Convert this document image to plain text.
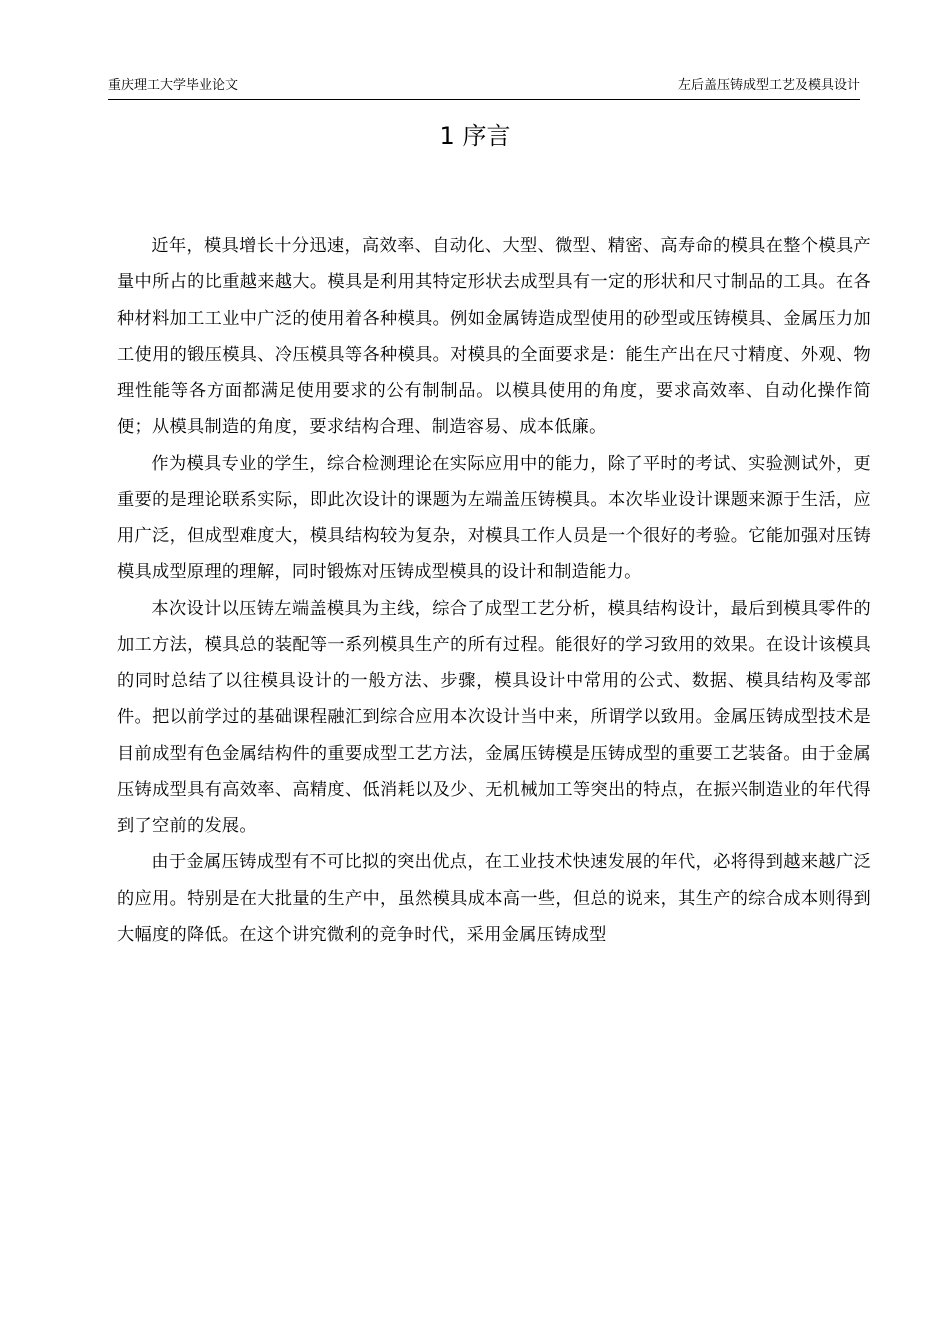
重庆理工大学毕业论文	左后盖压铸成型工艺及模具设计
1 序言

近年，模具增长十分迅速，高效率、自动化、大型、微型、精密、高寿命的模具在整个模具产量中所占的比重越来越大。模具是利用其特定形状去成型具有一定的形状和尺寸制品的工具。在各种材料加工工业中广泛的使用着各种模具。例如金属铸造成型使用的砂型或压铸模具、金属压力加工使用的锻压模具、冷压模具等各种模具。对模具的全面要求是：能生产出在尺寸精度、外观、物理性能等各方面都满足使用要求的公有制制品。以模具使用的角度，要求高效率、自动化操作简便；从模具制造的角度，要求结构合理、制造容易、成本低廉。

作为模具专业的学生，综合检测理论在实际应用中的能力，除了平时的考试、实验测试外，更重要的是理论联系实际，即此次设计的课题为左端盖压铸模具。本次毕业设计课题来源于生活，应用广泛，但成型难度大，模具结构较为复杂，对模具工作人员是一个很好的考验。它能加强对压铸模具成型原理的理解，同时锻炼对压铸成型模具的设计和制造能力。

本次设计以压铸左端盖模具为主线，综合了成型工艺分析，模具结构设计，最后到模具零件的加工方法，模具总的装配等一系列模具生产的所有过程。能很好的学习致用的效果。在设计该模具的同时总结了以往模具设计的一般方法、步骤，模具设计中常用的公式、数据、模具结构及零部件。把以前学过的基础课程融汇到综合应用本次设计当中来，所谓学以致用。金属压铸成型技术是目前成型有色金属结构件的重要成型工艺方法，金属压铸模是压铸成型的重要工艺装备。由于金属压铸成型具有高效率、高精度、低消耗以及少、无机械加工等突出的特点，在振兴制造业的年代得到了空前的发展。

由于金属压铸成型有不可比拟的突出优点，在工业技术快速发展的年代，必将得到越来越广泛的应用。特别是在大批量的生产中，虽然模具成本高一些，但总的说来，其生产的综合成本则得到大幅度的降低。在这个讲究微利的竞争时代，采用金属压铸成型
